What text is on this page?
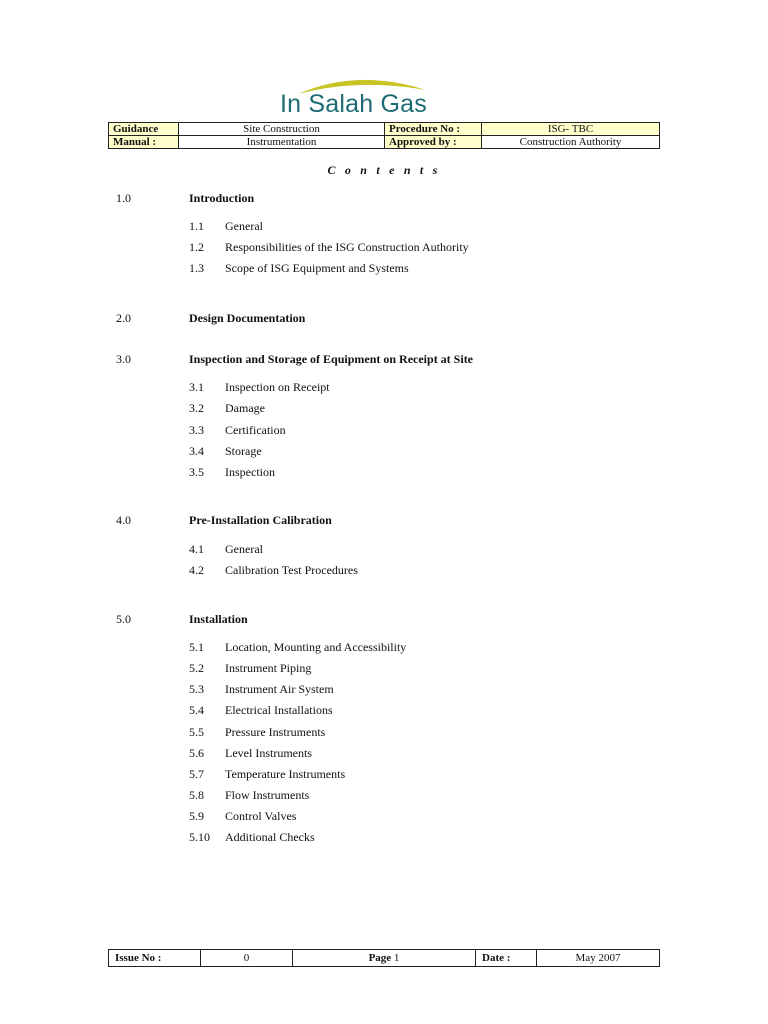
In Salah Gas
Guidance	Site Construction	Procedure No :	ISG- TBC
Manual :	Instrumentation	Approved by :	Construction Authority
C o n t e n t s
1.0	Introduction
1.1 General
1.2 Responsibilities of the ISG Construction Authority
1.3 Scope of ISG Equipment and Systems
2.0	Design Documentation
3.0	Inspection and Storage of Equipment on Receipt at Site
3.1 Inspection on Receipt
3.2 Damage
3.3 Certification
3.4 Storage
3.5 Inspection
4.0	Pre-Installation Calibration
4.1 General
4.2 Calibration Test Procedures
5.0	Installation
5.1 Location, Mounting and Accessibility
5.2 Instrument Piping
5.3 Instrument Air System
5.4 Electrical Installations
5.5 Pressure Instruments
5.6 Level Instruments
5.7 Temperature Instruments
5.8 Flow Instruments
5.9 Control Valves
5.10 Additional Checks
Issue No :	0	Page 1	Date :	May 2007
